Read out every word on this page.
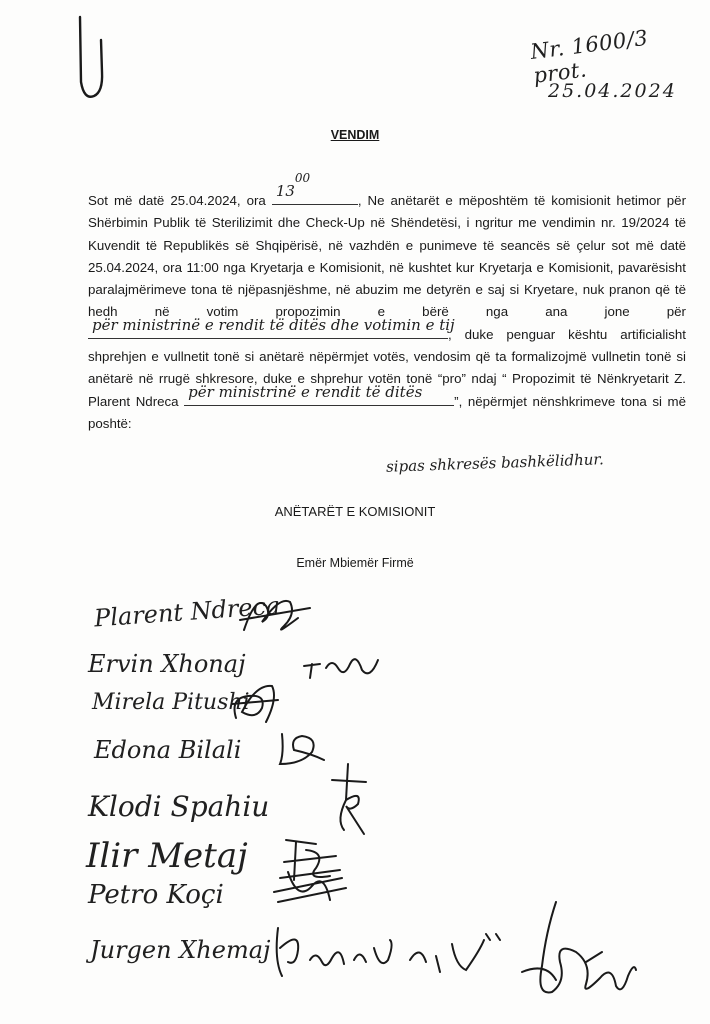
Nr. 1600/3 prot.
25.04.2024
VENDIM

Sot më datë 25.04.2024, ora
$13^{00}$
, Ne anëtarët e mëposhtëm të komisionit hetimor për Shërbimin Publik të Sterilizimit dhe Check-Up në Shëndetësi, i ngritur me vendimin nr. 19/2024 të Kuvendit të Republikës së Shqipërisë, në vazhdën e punimeve të seancës së çelur sot më datë 25.04.2024, ora 11:00 nga Kryetarja e Komisionit, në kushtet kur Kryetarja e Komisionit, pavarësisht paralajmërimeve tona të njëpasnjëshme, në abuzim me detyrën e saj si Kryetare, nuk pranon që të hedh në votim propozimin e bërë nga ana jone për
për ministrinë e rendit të ditës dhe votimin e tij
, duke penguar kështu artificialisht shprehjen e vullnetit tonë si anëtarë nëpërmjet votës, vendosim që ta formalizojmë vullnetin tonë si anëtarë në rrugë shkresore, duke e shprehur votën tonë “pro” ndaj “ Propozimit të Nënkryetarit Z. Plarent Ndreca për ministrinë e rendit të ditës ”, nëpërmjet nënshkrimeve tona si më poshtë:

sipas shkresës bashkëlidhur.
ANËTARËT E KOMISIONIT
Emër Mbiemër Firmë
Plarent Ndreca
Ervin Xhonaj
Mirela Pitushi
Edona Bilali
Klodi Spahiu
Ilir Metaj
Petro Koçi
Jurgen Xhemaj
